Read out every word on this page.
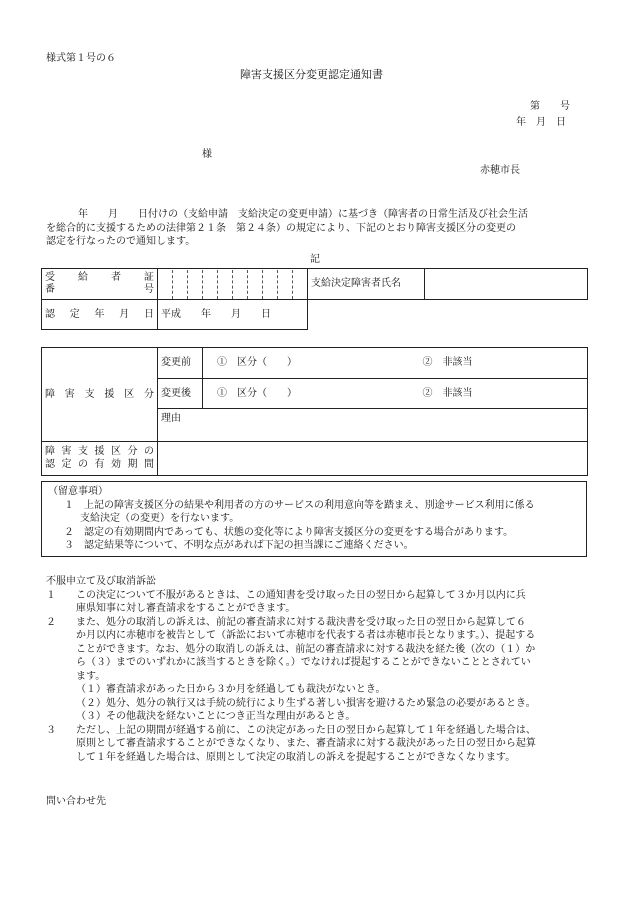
様式第１号の６
障害支援区分変更認定通知書
第　　号
年　月　日
様
赤穂市長
年　　月　　日付けの（支給申請　支給決定の変更申請）に基づき（障害者の日常生活及び社会生活
を総合的に支援するための法律第２１条　第２４条）の規定により、下記のとおり障害支援区分の変更の
認定を行なったので通知します。
記
受　給　者　証
番　　　　　号		支給決定障害者氏名	
認定年月日	平成　　年　　月　　日		
障害支援区分	変更前	①　区分（　　）	②　非該当
	変更後	①　区分（　　）	②　非該当
	理由		

障害支援区分の
認定の有効期間			

（留意事項）
１　上記の障害支援区分の結果や利用者の方のサービスの利用意向等を踏まえ、別途サービス利用に係る
支給決定（の変更）を行ないます。
２　認定の有効期間内であっても、状態の変化等により障害支援区分の変更をする場合があります。
３　認定結果等について、不明な点があれば下記の担当課にご連絡ください。

不服申立て及び取消訴訟

１　　この決定について不服があるときは、この通知書を受け取った日の翌日から起算して３か月以内に兵

庫県知事に対し審査請求をすることができます。

２　　また、処分の取消しの訴えは、前記の審査請求に対する裁決書を受け取った日の翌日から起算して６

か月以内に赤穂市を被告として（訴訟において赤穂市を代表する者は赤穂市長となります。）、提起する

ことができます。なお、処分の取消しの訴えは、前記の審査請求に対する裁決を経た後（次の（１）か

ら（３）までのいずれかに該当するときを除く。）でなければ提起することができないこととされてい

ます。

（１）審査請求があった日から３か月を経過しても裁決がないとき。

（２）処分、処分の執行又は手続の続行により生ずる著しい損害を避けるため緊急の必要があるとき。

（３）その他裁決を経ないことにつき正当な理由があるとき。

３　　ただし、上記の期間が経過する前に、この決定があった日の翌日から起算して１年を経過した場合は、

原則として審査請求することができなくなり、また、審査請求に対する裁決があった日の翌日から起算

して１年を経過した場合は、原則として決定の取消しの訴えを提起することができなくなります。

問い合わせ先
